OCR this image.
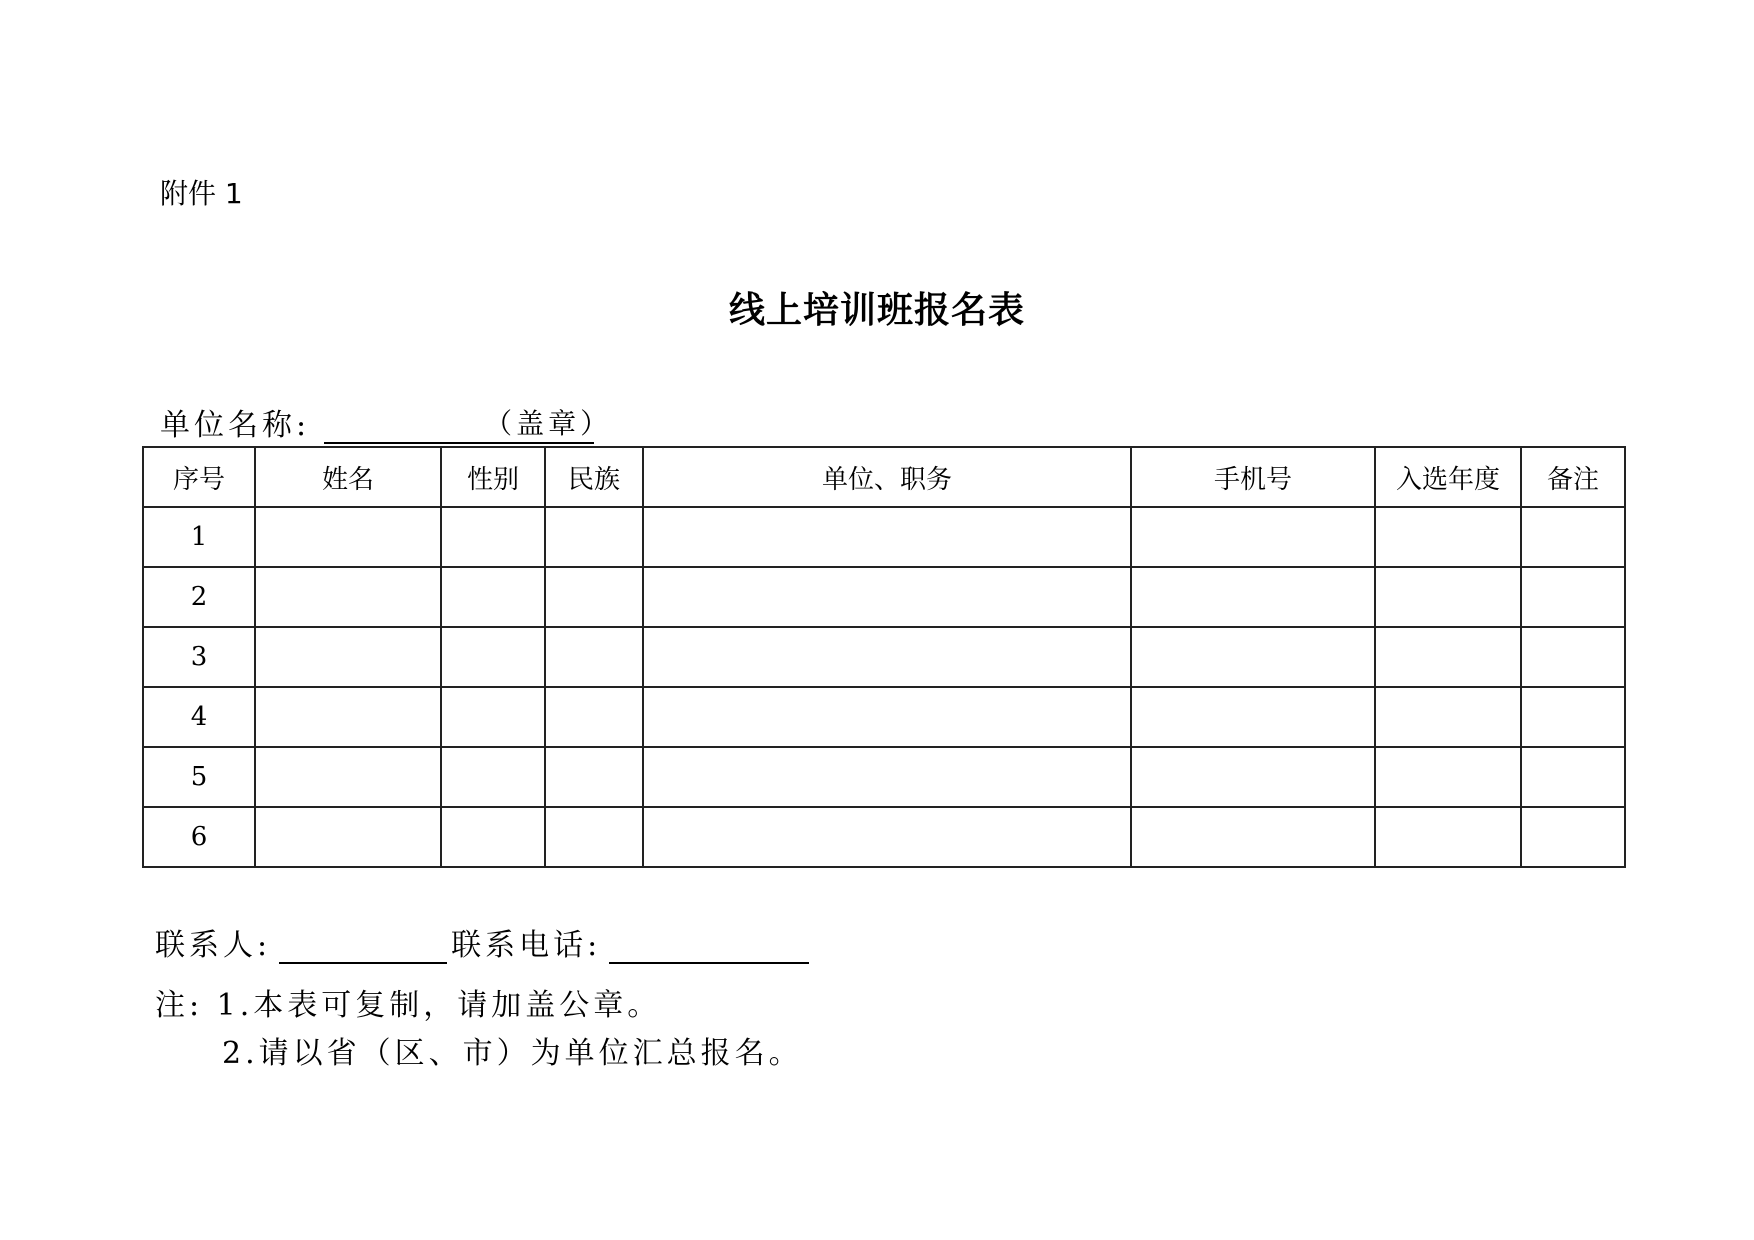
附件 1
线上培训班报名表
单位名称:	（盖章）
序号	姓名	性别	民族	单位、职务	手机号	入选年度	备注
1							
2							
3							
4							
5							
6							
联系人:	联系电话:
注: 1.本表可复制，请加盖公章。
2.请以省（区、市）为单位汇总报名。
